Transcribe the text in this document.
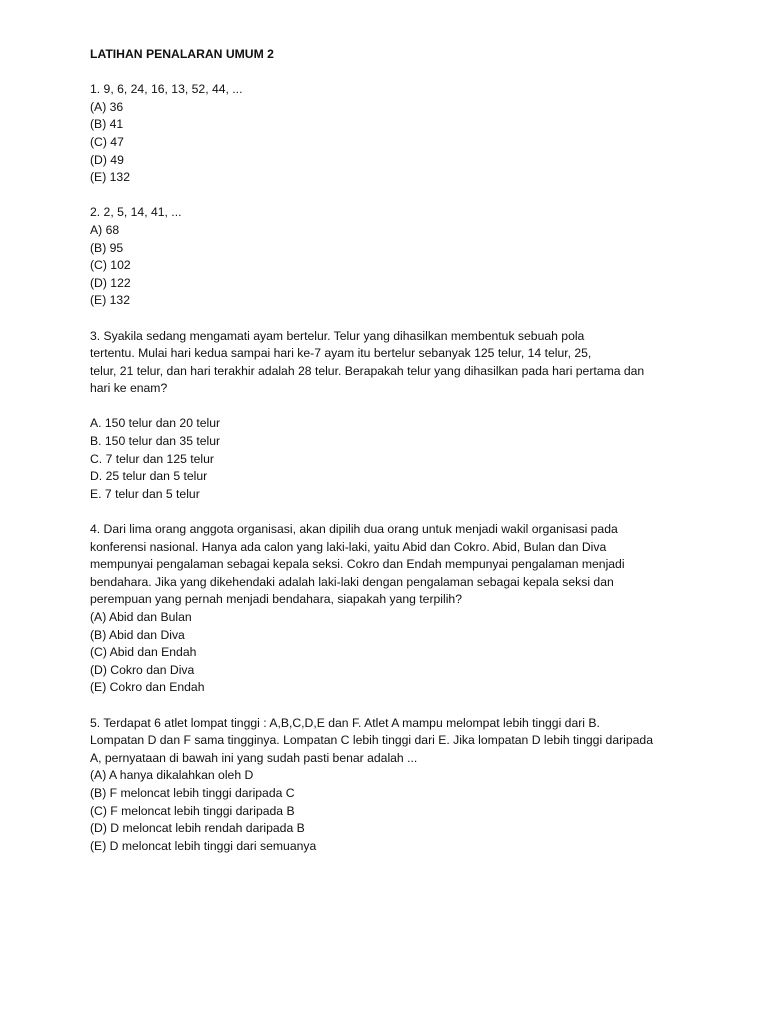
LATIHAN PENALARAN UMUM 2
1. 9, 6, 24, 16, 13, 52, 44, ...
(A) 36
(B) 41
(C) 47
(D) 49
(E) 132
2. 2, 5, 14, 41, ...
A) 68
(B) 95
(C) 102
(D) 122
(E) 132
3. Syakila sedang mengamati ayam bertelur. Telur yang dihasilkan membentuk sebuah pola
tertentu. Mulai hari kedua sampai hari ke-7 ayam itu bertelur sebanyak 125 telur, 14 telur, 25,
telur, 21 telur, dan hari terakhir adalah 28 telur. Berapakah telur yang dihasilkan pada hari pertama dan
hari ke enam?
A. 150 telur dan 20 telur
B. 150 telur dan 35 telur
C. 7 telur dan 125 telur
D. 25 telur dan 5 telur
E. 7 telur dan 5 telur
4. Dari lima orang anggota organisasi, akan dipilih dua orang untuk menjadi wakil organisasi pada
konferensi nasional. Hanya ada calon yang laki-laki, yaitu Abid dan Cokro. Abid, Bulan dan Diva
mempunyai pengalaman sebagai kepala seksi. Cokro dan Endah mempunyai pengalaman menjadi
bendahara. Jika yang dikehendaki adalah laki-laki dengan pengalaman sebagai kepala seksi dan
perempuan yang pernah menjadi bendahara, siapakah yang terpilih?
(A) Abid dan Bulan
(B) Abid dan Diva
(C) Abid dan Endah
(D) Cokro dan Diva
(E) Cokro dan Endah
5. Terdapat 6 atlet lompat tinggi : A,B,C,D,E dan F. Atlet A mampu melompat lebih tinggi dari B.
Lompatan D dan F sama tingginya. Lompatan C lebih tinggi dari E. Jika lompatan D lebih tinggi daripada
A, pernyataan di bawah ini yang sudah pasti benar adalah ...
(A) A hanya dikalahkan oleh D
(B) F meloncat lebih tinggi daripada C
(C) F meloncat lebih tinggi daripada B
(D) D meloncat lebih rendah daripada B
(E) D meloncat lebih tinggi dari semuanya
